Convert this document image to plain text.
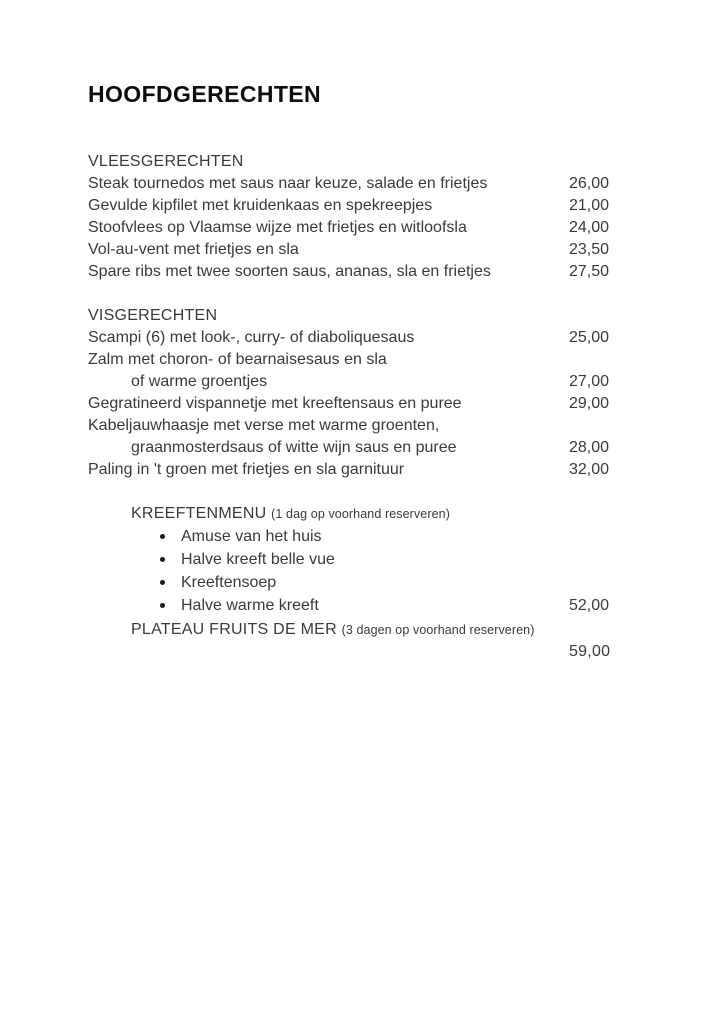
HOOFDGERECHTEN
VLEESGERECHTEN
Steak tournedos met saus naar keuze, salade en frietjes	26,00
Gevulde kipfilet met kruidenkaas en spekreepjes	21,00
Stoofvlees op Vlaamse wijze met frietjes en witloofsla	24,00
Vol-au-vent met frietjes en sla	23,50
Spare ribs met twee soorten saus, ananas, sla en frietjes	27,50
VISGERECHTEN
Scampi (6) met look-, curry- of diaboliquesaus	25,00
Zalm met choron- of bearnaisesaus en sla
of warme groentjes	27,00
Gegratineerd vispannetje met kreeftensaus en puree	29,00
Kabeljauwhaasje met verse met warme groenten,
graanmosterdsaus of witte wijn saus en puree	28,00
Paling in 't groen met frietjes en sla garnituur	32,00
KREEFTENMENU (1 dag op voorhand reserveren)
Amuse van het huis
Halve kreeft belle vue
Kreeftensoep
Halve warme kreeft	52,00
PLATEAU FRUITS DE MER (3 dagen op voorhand reserveren)
59,00
